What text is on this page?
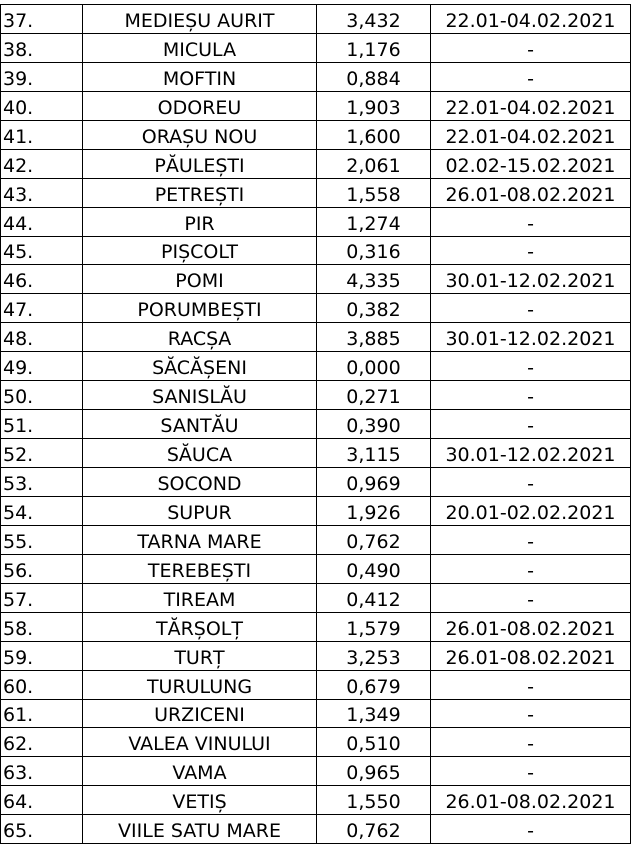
37.	MEDIEȘU AURIT	3,432	22.01-04.02.2021
38.	MICULA	1,176	-
39.	MOFTIN	0,884	-
40.	ODOREU	1,903	22.01-04.02.2021
41.	ORAȘU NOU	1,600	22.01-04.02.2021
42.	PĂULEȘTI	2,061	02.02-15.02.2021
43.	PETREȘTI	1,558	26.01-08.02.2021
44.	PIR	1,274	-
45.	PIȘCOLT	0,316	-
46.	POMI	4,335	30.01-12.02.2021
47.	PORUMBEȘTI	0,382	-
48.	RACȘA	3,885	30.01-12.02.2021
49.	SĂCĂȘENI	0,000	-
50.	SANISLĂU	0,271	-
51.	SANTĂU	0,390	-
52.	SĂUCA	3,115	30.01-12.02.2021
53.	SOCOND	0,969	-
54.	SUPUR	1,926	20.01-02.02.2021
55.	TARNA MARE	0,762	-
56.	TEREBEȘTI	0,490	-
57.	TIREAM	0,412	-
58.	TĂRȘOLȚ	1,579	26.01-08.02.2021
59.	TURȚ	3,253	26.01-08.02.2021
60.	TURULUNG	0,679	-
61.	URZICENI	1,349	-
62.	VALEA VINULUI	0,510	-
63.	VAMA	0,965	-
64.	VETIȘ	1,550	26.01-08.02.2021
65.	VIILE SATU MARE	0,762	-
